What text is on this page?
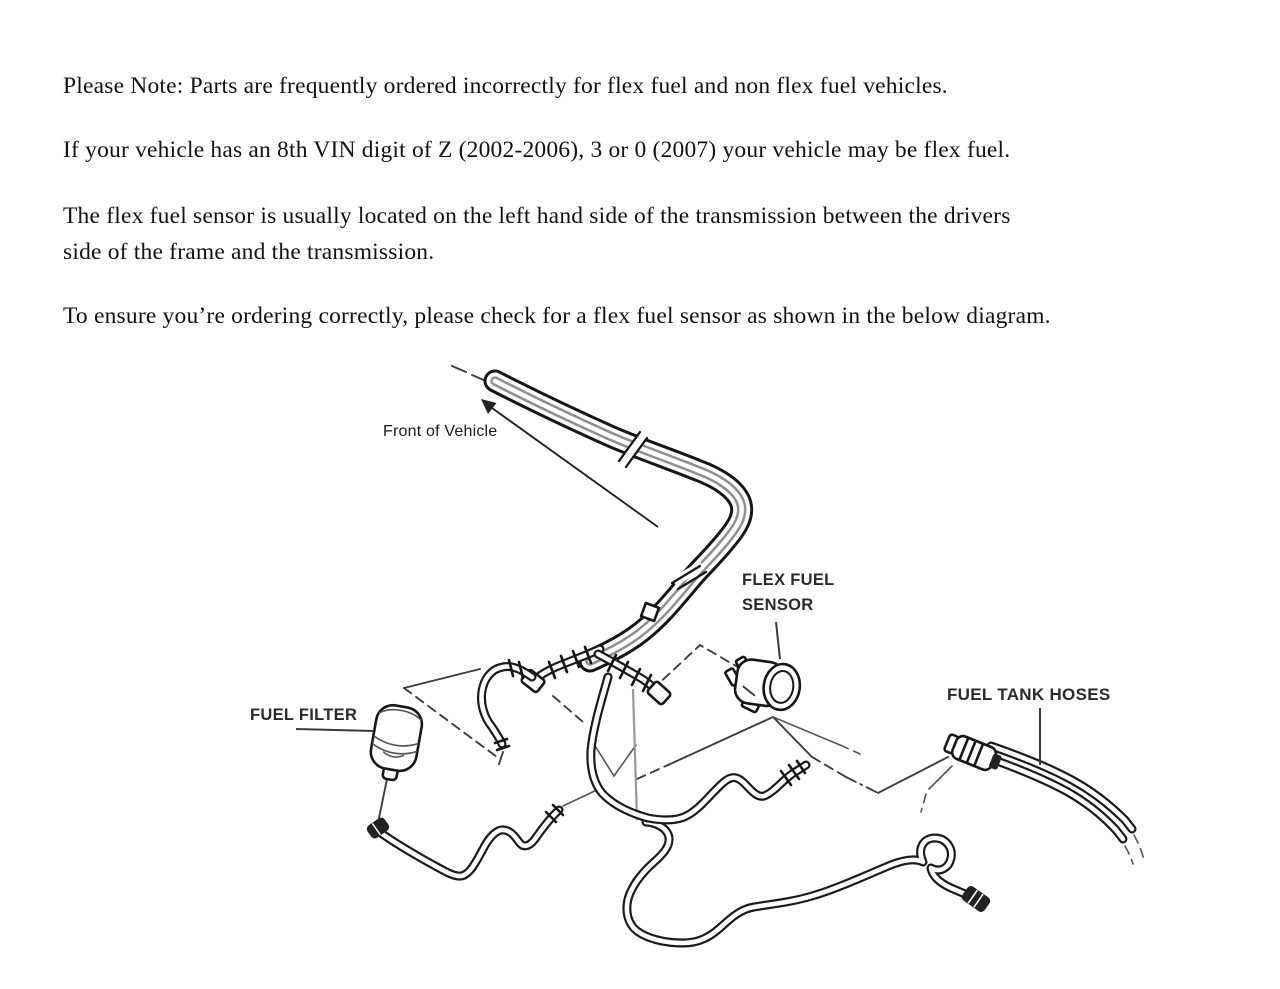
Please Note: Parts are frequently ordered incorrectly for flex fuel and non flex fuel vehicles.
If your vehicle has an 8th VIN digit of Z (2002-2006), 3 or 0 (2007) your vehicle may be flex fuel.
The flex fuel sensor is usually located on the left hand side of the transmission between the drivers
side of the frame and the transmission.
To ensure you’re ordering correctly, please check for a flex fuel sensor as shown in the below diagram.
Front of Vehicle
FLEX FUEL
SENSOR
FUEL FILTER
FUEL TANK HOSES
